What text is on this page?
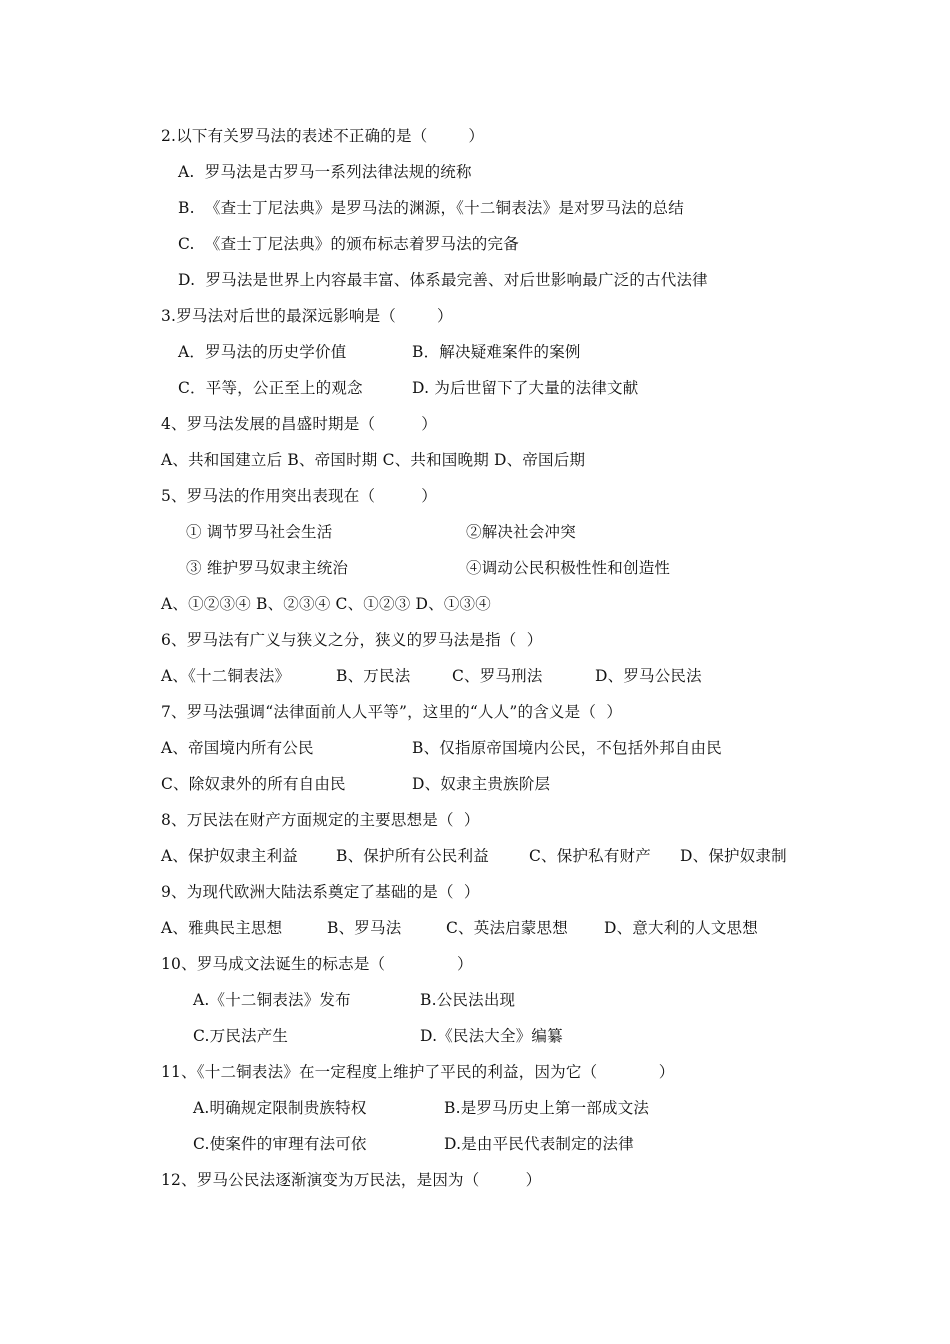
2.以下有关罗马法的表述不正确的是（        ）
A.  罗马法是古罗马一系列法律法规的统称
B.  《查士丁尼法典》是罗马法的渊源，《十二铜表法》是对罗马法的总结
C.  《查士丁尼法典》的颁布标志着罗马法的完备
D.  罗马法是世界上内容最丰富、体系最完善、对后世影响最广泛的古代法律
3.罗马法对后世的最深远影响是（        ）
A．罗马法的历史学价值	B．解决疑难案件的案例
C．平等，公正至上的观念	D. 为后世留下了大量的法律文献
4、罗马法发展的昌盛时期是（         ）
A、共和国建立后 B、帝国时期 C、共和国晚期 D、帝国后期
5、罗马法的作用突出表现在（         ）
① 调节罗马社会生活	②解决社会冲突
③ 维护罗马奴隶主统治	④调动公民积极性性和创造性
A、①②③④ B、②③④ C、①②③ D、①③④
6、罗马法有广义与狭义之分，狭义的罗马法是指（  ）
A、《十二铜表法》	B、万民法	C、罗马刑法	D、罗马公民法
7、罗马法强调“法律面前人人平等”，这里的“人人”的含义是（  ）
A、帝国境内所有公民	B、仅指原帝国境内公民，不包括外邦自由民
C、除奴隶外的所有自由民	D、奴隶主贵族阶层
8、万民法在财产方面规定的主要思想是（  ）
A、保护奴隶主利益 B、保护所有公民利益	C、保护私有财产 D、保护奴隶制
9、为现代欧洲大陆法系奠定了基础的是（  ）
A、雅典民主思想	B、罗马法	C、英法启蒙思想 D、意大利的人文思想
10、罗马成文法诞生的标志是（              ）
A.《十二铜表法》发布	B.公民法出现
C.万民法产生	D.《民法大全》编纂
11、《十二铜表法》在一定程度上维护了平民的利益，因为它（            ）
A.明确规定限制贵族特权	B.是罗马历史上第一部成文法
C.使案件的审理有法可依	D.是由平民代表制定的法律
12、罗马公民法逐渐演变为万民法，是因为（         ）
